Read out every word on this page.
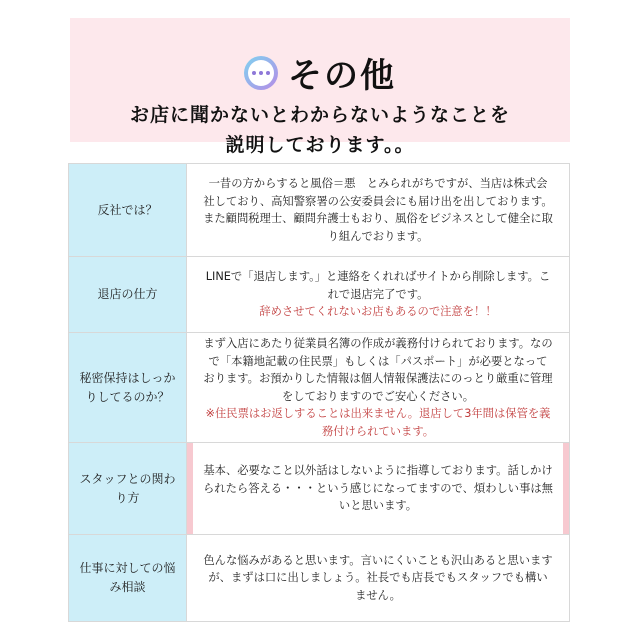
その他
お店に聞かないとわからないようなことを
説明しております。。
反社では？
一昔の方からすると風俗＝悪　とみられがちですが、当店は株式会社しており、高知警察署の公安委員会にも届け出を出しております。また顧問税理士、顧問弁護士もおり、風俗をビジネスとして健全に取り組んでおります。
退店の仕方
LINEで「退店します。」と連絡をくれればサイトから削除します。これで退店完了です。
辞めさせてくれないお店もあるので注意を！！
秘密保持はしっかりしてるのか？
まず入店にあたり従業員名簿の作成が義務付けられております。なので「本籍地記載の住民票」もしくは「パスポート」が必要となっております。お預かりした情報は個人情報保護法にのっとり厳重に管理をしておりますのでご安心ください。
※住民票はお返しすることは出来ません。退店して3年間は保管を義務付けられています。
スタッフとの関わり方
基本、必要なこと以外話はしないように指導しております。話しかけられたら答える・・・という感じになってますので、煩わしい事は無いと思います。
仕事に対しての悩み相談
色んな悩みがあると思います。言いにくいことも沢山あると思いますが、まずは口に出しましょう。社長でも店長でもスタッフでも構いません。
